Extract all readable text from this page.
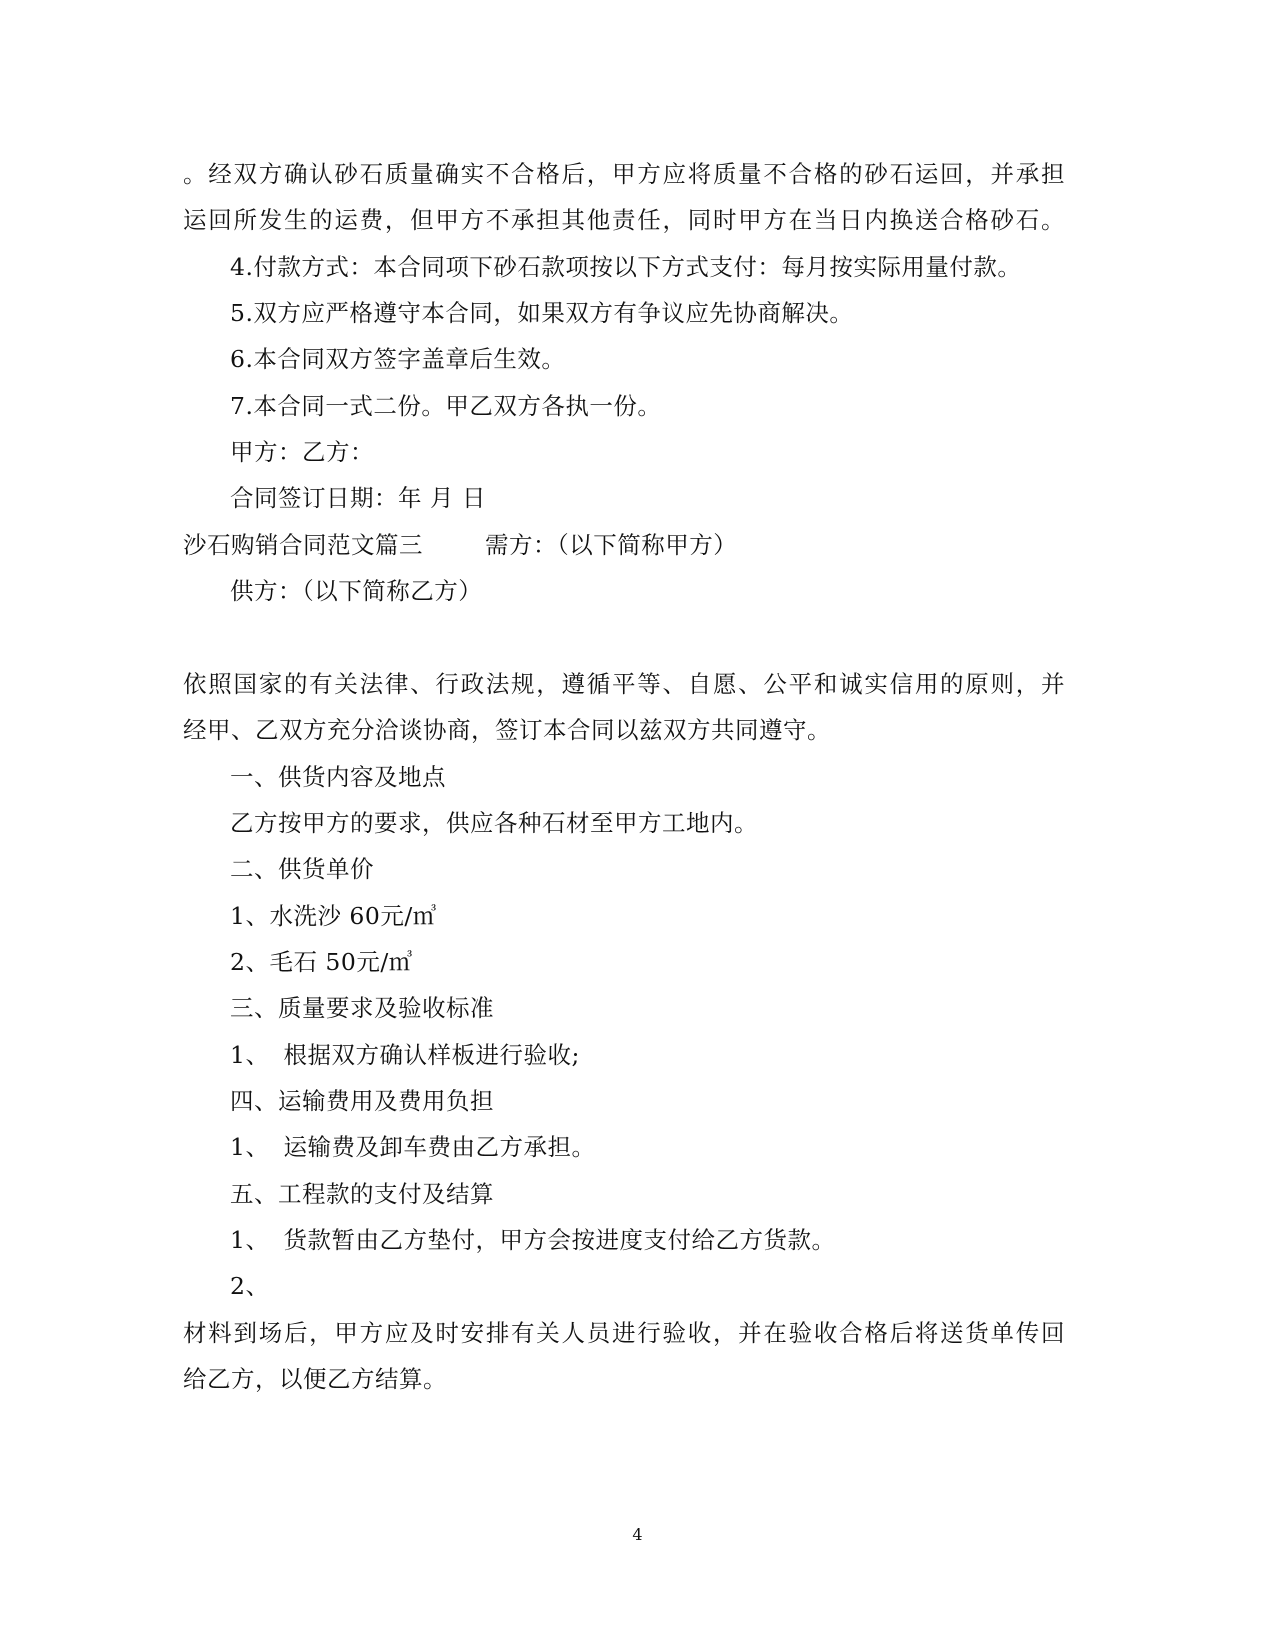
。经双方确认砂石质量确实不合格后，甲方应将质量不合格的砂石运回，并承担
运回所发生的运费，但甲方不承担其他责任，同时甲方在当日内换送合格砂石。
4.付款方式：本合同项下砂石款项按以下方式支付：每月按实际用量付款。
5.双方应严格遵守本合同，如果双方有争议应先协商解决。
6.本合同双方签字盖章后生效。
7.本合同一式二份。甲乙双方各执一份。
甲方：乙方：
合同签订日期：年 月 日
沙石购销合同范文篇三	需方：（以下简称甲方）
供方：（以下简称乙方）
依照国家的有关法律、行政法规，遵循平等、自愿、公平和诚实信用的原则，并
经甲、乙双方充分洽谈协商，签订本合同以兹双方共同遵守。
一、供货内容及地点
乙方按甲方的要求，供应各种石材至甲方工地内。
二、供货单价
1、水洗沙 60元/㎥
2、毛石 50元/㎥
三、质量要求及验收标准
1、 根据双方确认样板进行验收;
四、运输费用及费用负担
1、 运输费及卸车费由乙方承担。
五、工程款的支付及结算
1、 货款暂由乙方垫付，甲方会按进度支付给乙方货款。
2、
材料到场后，甲方应及时安排有关人员进行验收，并在验收合格后将送货单传回
给乙方，以便乙方结算。
4
